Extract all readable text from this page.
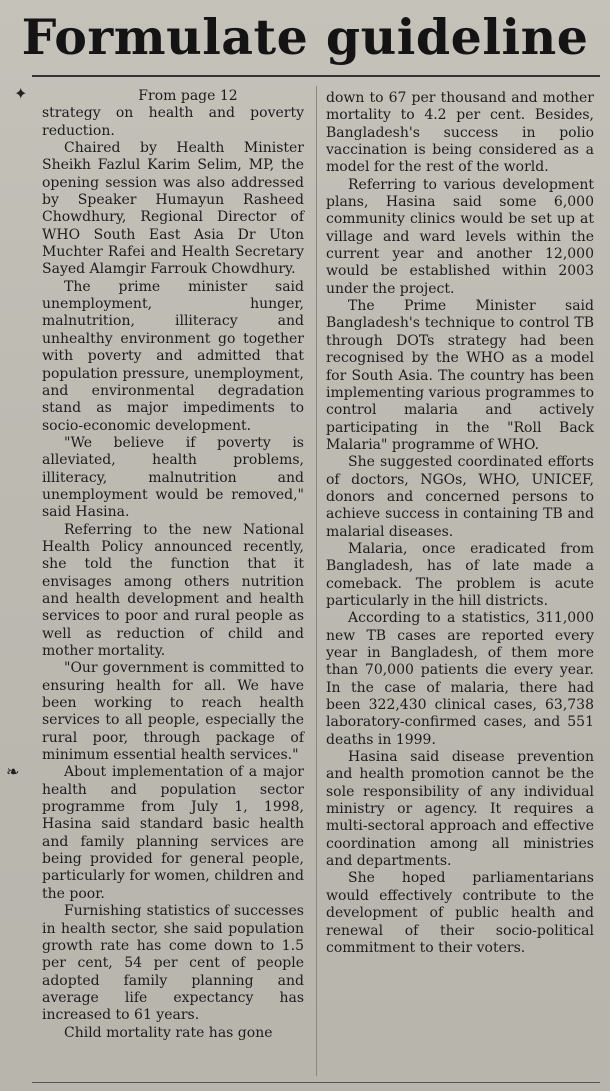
Formulate guideline
✦
❧

From page 12

strategy on health and poverty reduction.

Chaired by Health Minister Sheikh Fazlul Karim Selim, MP, the opening session was also addressed by Speaker Humayun Rasheed Chowdhury, Regional Director of WHO South East Asia Dr Uton Muchter Rafei and Health Secretary Sayed Alamgir Farrouk Chowdhury.

The prime minister said unemployment, hunger, malnutrition, illiteracy and unhealthy environment go together with poverty and admitted that population pressure, unemployment, and environmental degradation stand as major impediments to socio-economic development.

"We believe if poverty is alleviated, health problems, illiteracy, malnutrition and unemployment would be removed," said Hasina.

Referring to the new National Health Policy announced recently, she told the function that it envisages among others nutrition and health development and health services to poor and rural people as well as reduction of child and mother mortality.

"Our government is committed to ensuring health for all. We have been working to reach health services to all people, especially the rural poor, through package of minimum essential health services."

About implementation of a major health and population sector programme from July 1, 1998, Hasina said standard basic health and family planning services are being provided for general people, particularly for women, children and the poor.

Furnishing statistics of successes in health sector, she said population growth rate has come down to 1.5 per cent, 54 per cent of people adopted family planning and average life expectancy has increased to 61 years.

Child mortality rate has gone

down to 67 per thousand and mother mortality to 4.2 per cent. Besides, Bangladesh's success in polio vaccination is being considered as a model for the rest of the world.

Referring to various development plans, Hasina said some 6,000 community clinics would be set up at village and ward levels within the current year and another 12,000 would be established within 2003 under the project.

The Prime Minister said Bangladesh's technique to control TB through DOTs strategy had been recognised by the WHO as a model for South Asia. The country has been implementing various programmes to control malaria and actively participating in the "Roll Back Malaria" programme of WHO.

She suggested coordinated efforts of doctors, NGOs, WHO, UNICEF, donors and concerned persons to achieve success in containing TB and malarial diseases.

Malaria, once eradicated from Bangladesh, has of late made a comeback. The problem is acute particularly in the hill districts.

According to a statistics, 311,000 new TB cases are reported every year in Bangladesh, of them more than 70,000 patients die every year. In the case of malaria, there had been 322,430 clinical cases, 63,738 laboratory-confirmed cases, and 551 deaths in 1999.

Hasina said disease prevention and health promotion cannot be the sole responsibility of any individual ministry or agency. It requires a multi-sectoral approach and effective coordination among all ministries and departments.

She hoped parliamentarians would effectively contribute to the development of public health and renewal of their socio-political commitment to their voters.
